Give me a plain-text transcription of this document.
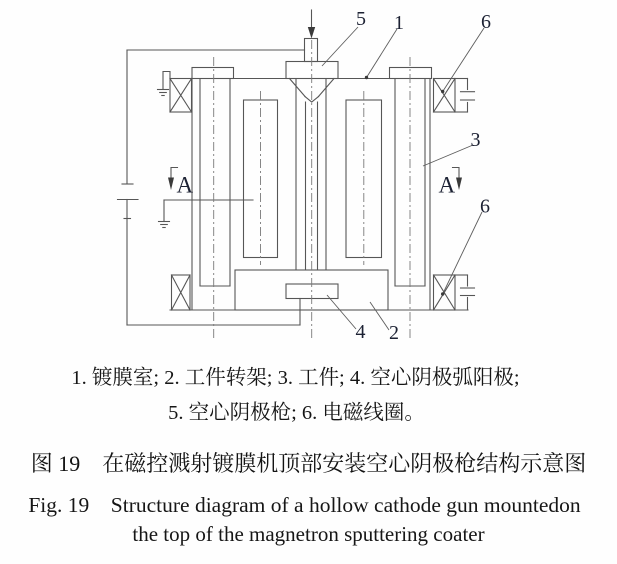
A	A
5 1	6
3
6
4 2
1. 镀膜室; 2. 工件转架; 3. 工件; 4. 空心阴极弧阳极;
5. 空心阴极枪; 6. 电磁线圈。
图 19　在磁控溅射镀膜机顶部安装空心阴极枪结构示意图
Fig. 19　Structure diagram of a hollow cathode gun mountedon
the top of the magnetron sputtering coater
